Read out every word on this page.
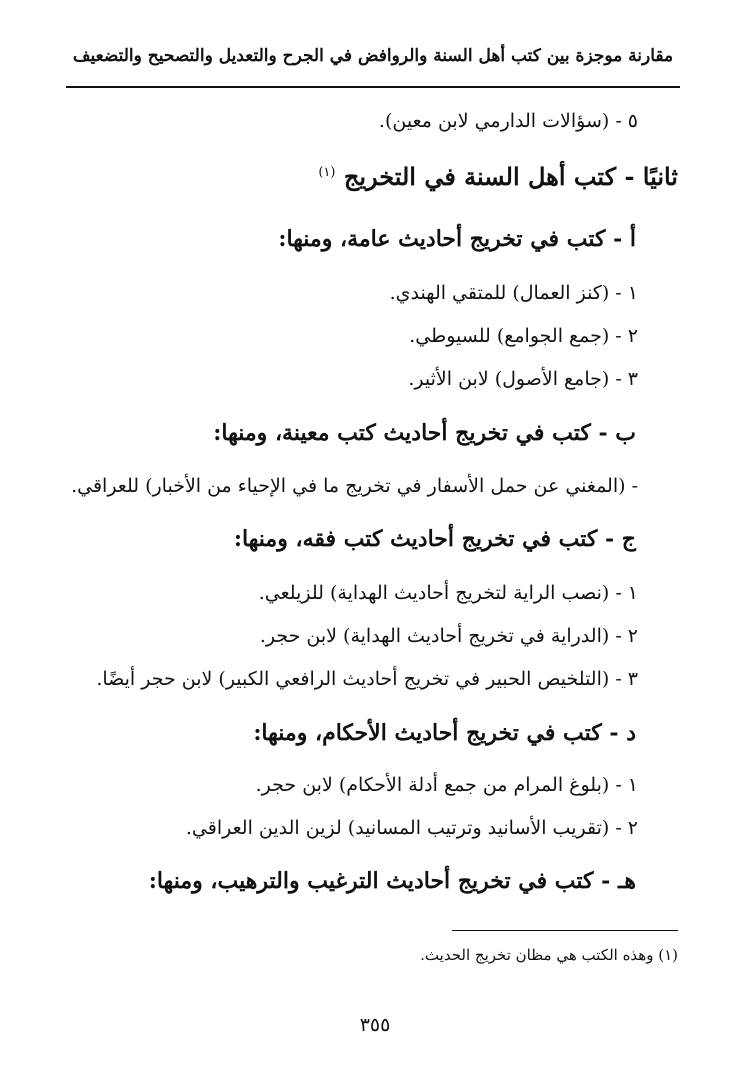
مقارنة موجزة بين كتب أهل السنة والروافض في الجرح والتعديل والتصحيح والتضعيف
٥ - (سؤالات الدارمي لابن معين).
ثانيًا - كتب أهل السنة في التخريج $^{(١)}$
أ - كتب في تخريج أحاديث عامة، ومنها:
١ - (كنز العمال) للمتقي الهندي.
٢ - (جمع الجوامع) للسيوطي.
٣ - (جامع الأصول) لابن الأثير.
ب - كتب في تخريج أحاديث كتب معينة، ومنها:
- (المغني عن حمل الأسفار في تخريج ما في الإحياء من الأخبار) للعراقي.
ج - كتب في تخريج أحاديث كتب فقه، ومنها:
١ - (نصب الراية لتخريج أحاديث الهداية) للزيلعي.
٢ - (الدراية في تخريج أحاديث الهداية) لابن حجر.
٣ - (التلخيص الحبير في تخريج أحاديث الرافعي الكبير) لابن حجر أيضًا.
د - كتب في تخريج أحاديث الأحكام، ومنها:
١ - (بلوغ المرام من جمع أدلة الأحكام) لابن حجر.
٢ - (تقريب الأسانيد وترتيب المسانيد) لزين الدين العراقي.
هـ - كتب في تخريج أحاديث الترغيب والترهيب، ومنها:
(١) وهذه الكتب هي مظان تخريج الحديث.
٣٥٥
